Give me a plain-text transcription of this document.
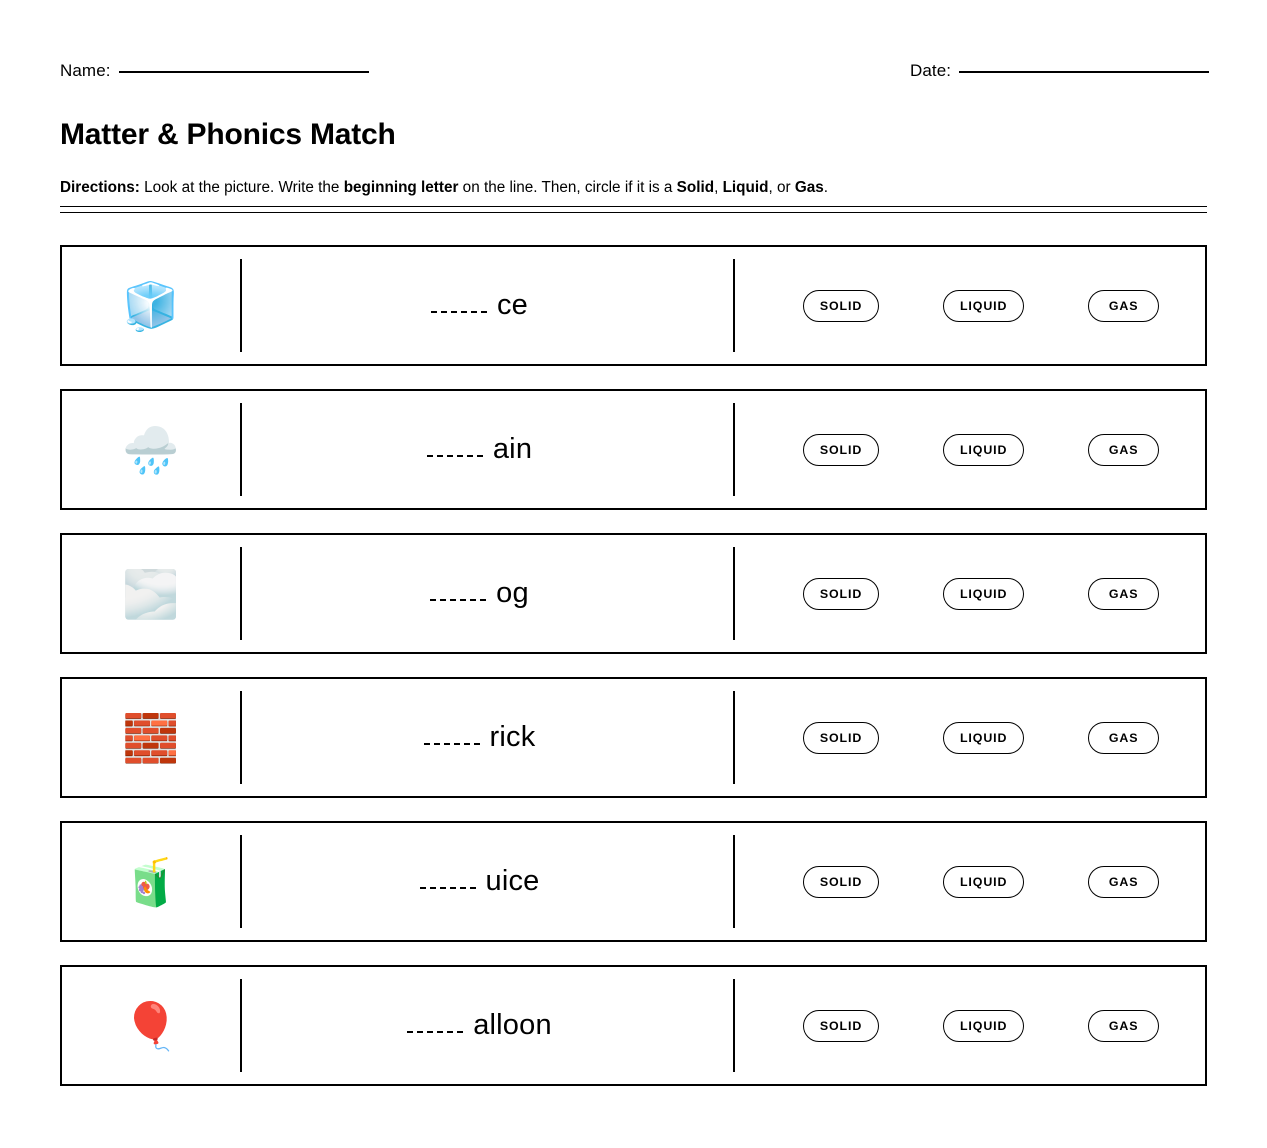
Name:	Date:
Matter & Phonics Match
Directions: Look at the picture. Write the beginning letter on the line. Then, circle if it is a Solid, Liquid, or Gas.
🧊	ce	SOLID	LIQUID	GAS
🌧️	ain	SOLID	LIQUID	GAS
🌫️	og	SOLID	LIQUID	GAS
🧱	rick	SOLID	LIQUID	GAS
🧃	uice	SOLID	LIQUID	GAS
🎈	alloon	SOLID	LIQUID	GAS
